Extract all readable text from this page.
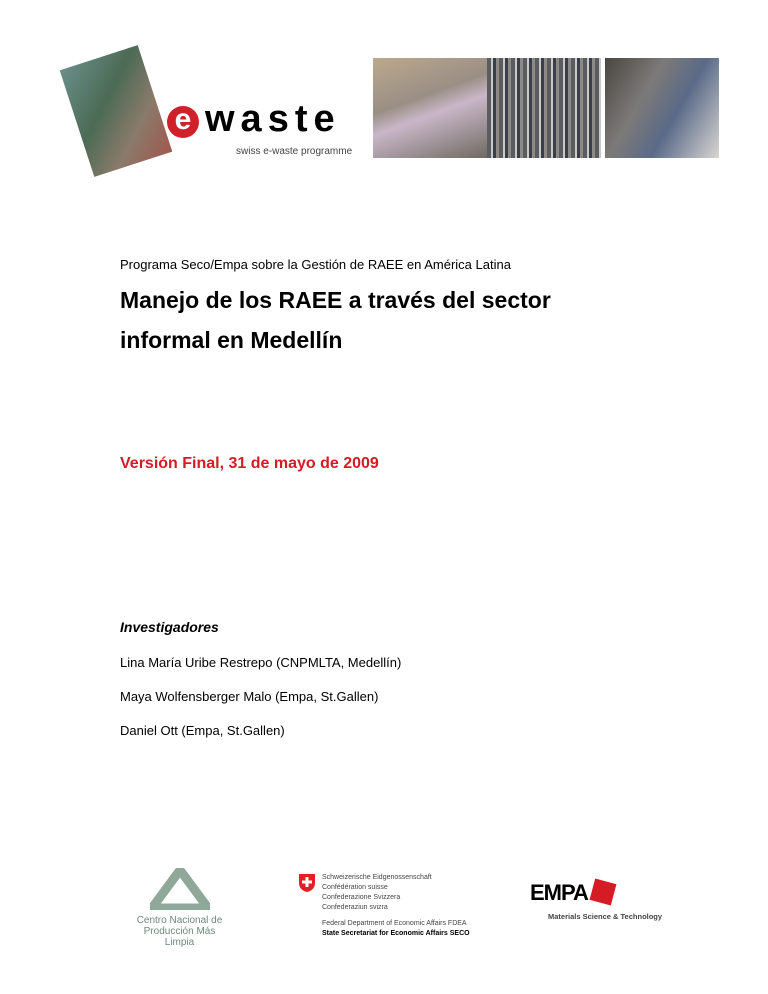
e waste
swiss e-waste programme
Programa Seco/Empa sobre la Gestión de RAEE en América Latina
Manejo de los RAEE a través del sector
informal en Medellín
Versión Final, 31 de mayo de 2009
Investigadores
Lina María Uribe Restrepo (CNPMLTA, Medellín)
Maya Wolfensberger Malo (Empa, St.Gallen)
Daniel Ott (Empa, St.Gallen)
Centro Nacional de
Producción Más Limpia
Schweizerische Eidgenossenschaft
Confédération suisse
Confederazione Svizzera
Confederaziun svizra
Federal Department of Economic Affairs FDEA
State Secretariat for Economic Affairs SECO
EMPA
Materials Science & Technology
